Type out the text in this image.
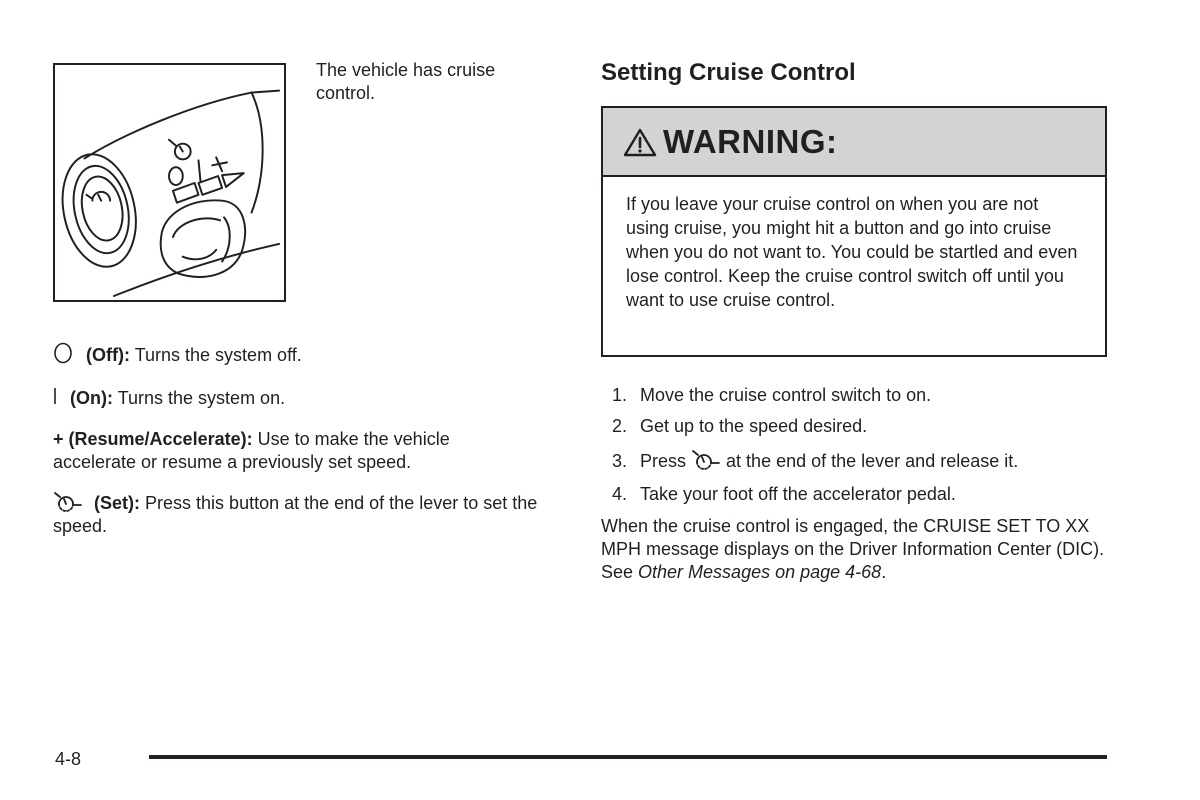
The vehicle has cruise control.
(Off): Turns the system off.
(On): Turns the system on.
+ (Resume/Accelerate): Use to make the vehicle accelerate or resume a previously set speed.
(Set): Press this button at the end of the lever to set the speed.
Setting Cruise Control
WARNING:
If you leave your cruise control on when you are not using cruise, you might hit a button and go into cruise when you do not want to. You could be startled and even lose control. Keep the cruise control switch off until you want to use cruise control.
1. Move the cruise control switch to on.
2. Get up to the speed desired.
3. Press at the end of the lever and release it.
4. Take your foot off the accelerator pedal.
When the cruise control is engaged, the CRUISE SET TO XX MPH message displays on the Driver Information Center (DIC). See Other Messages on page 4-68.
4-8
